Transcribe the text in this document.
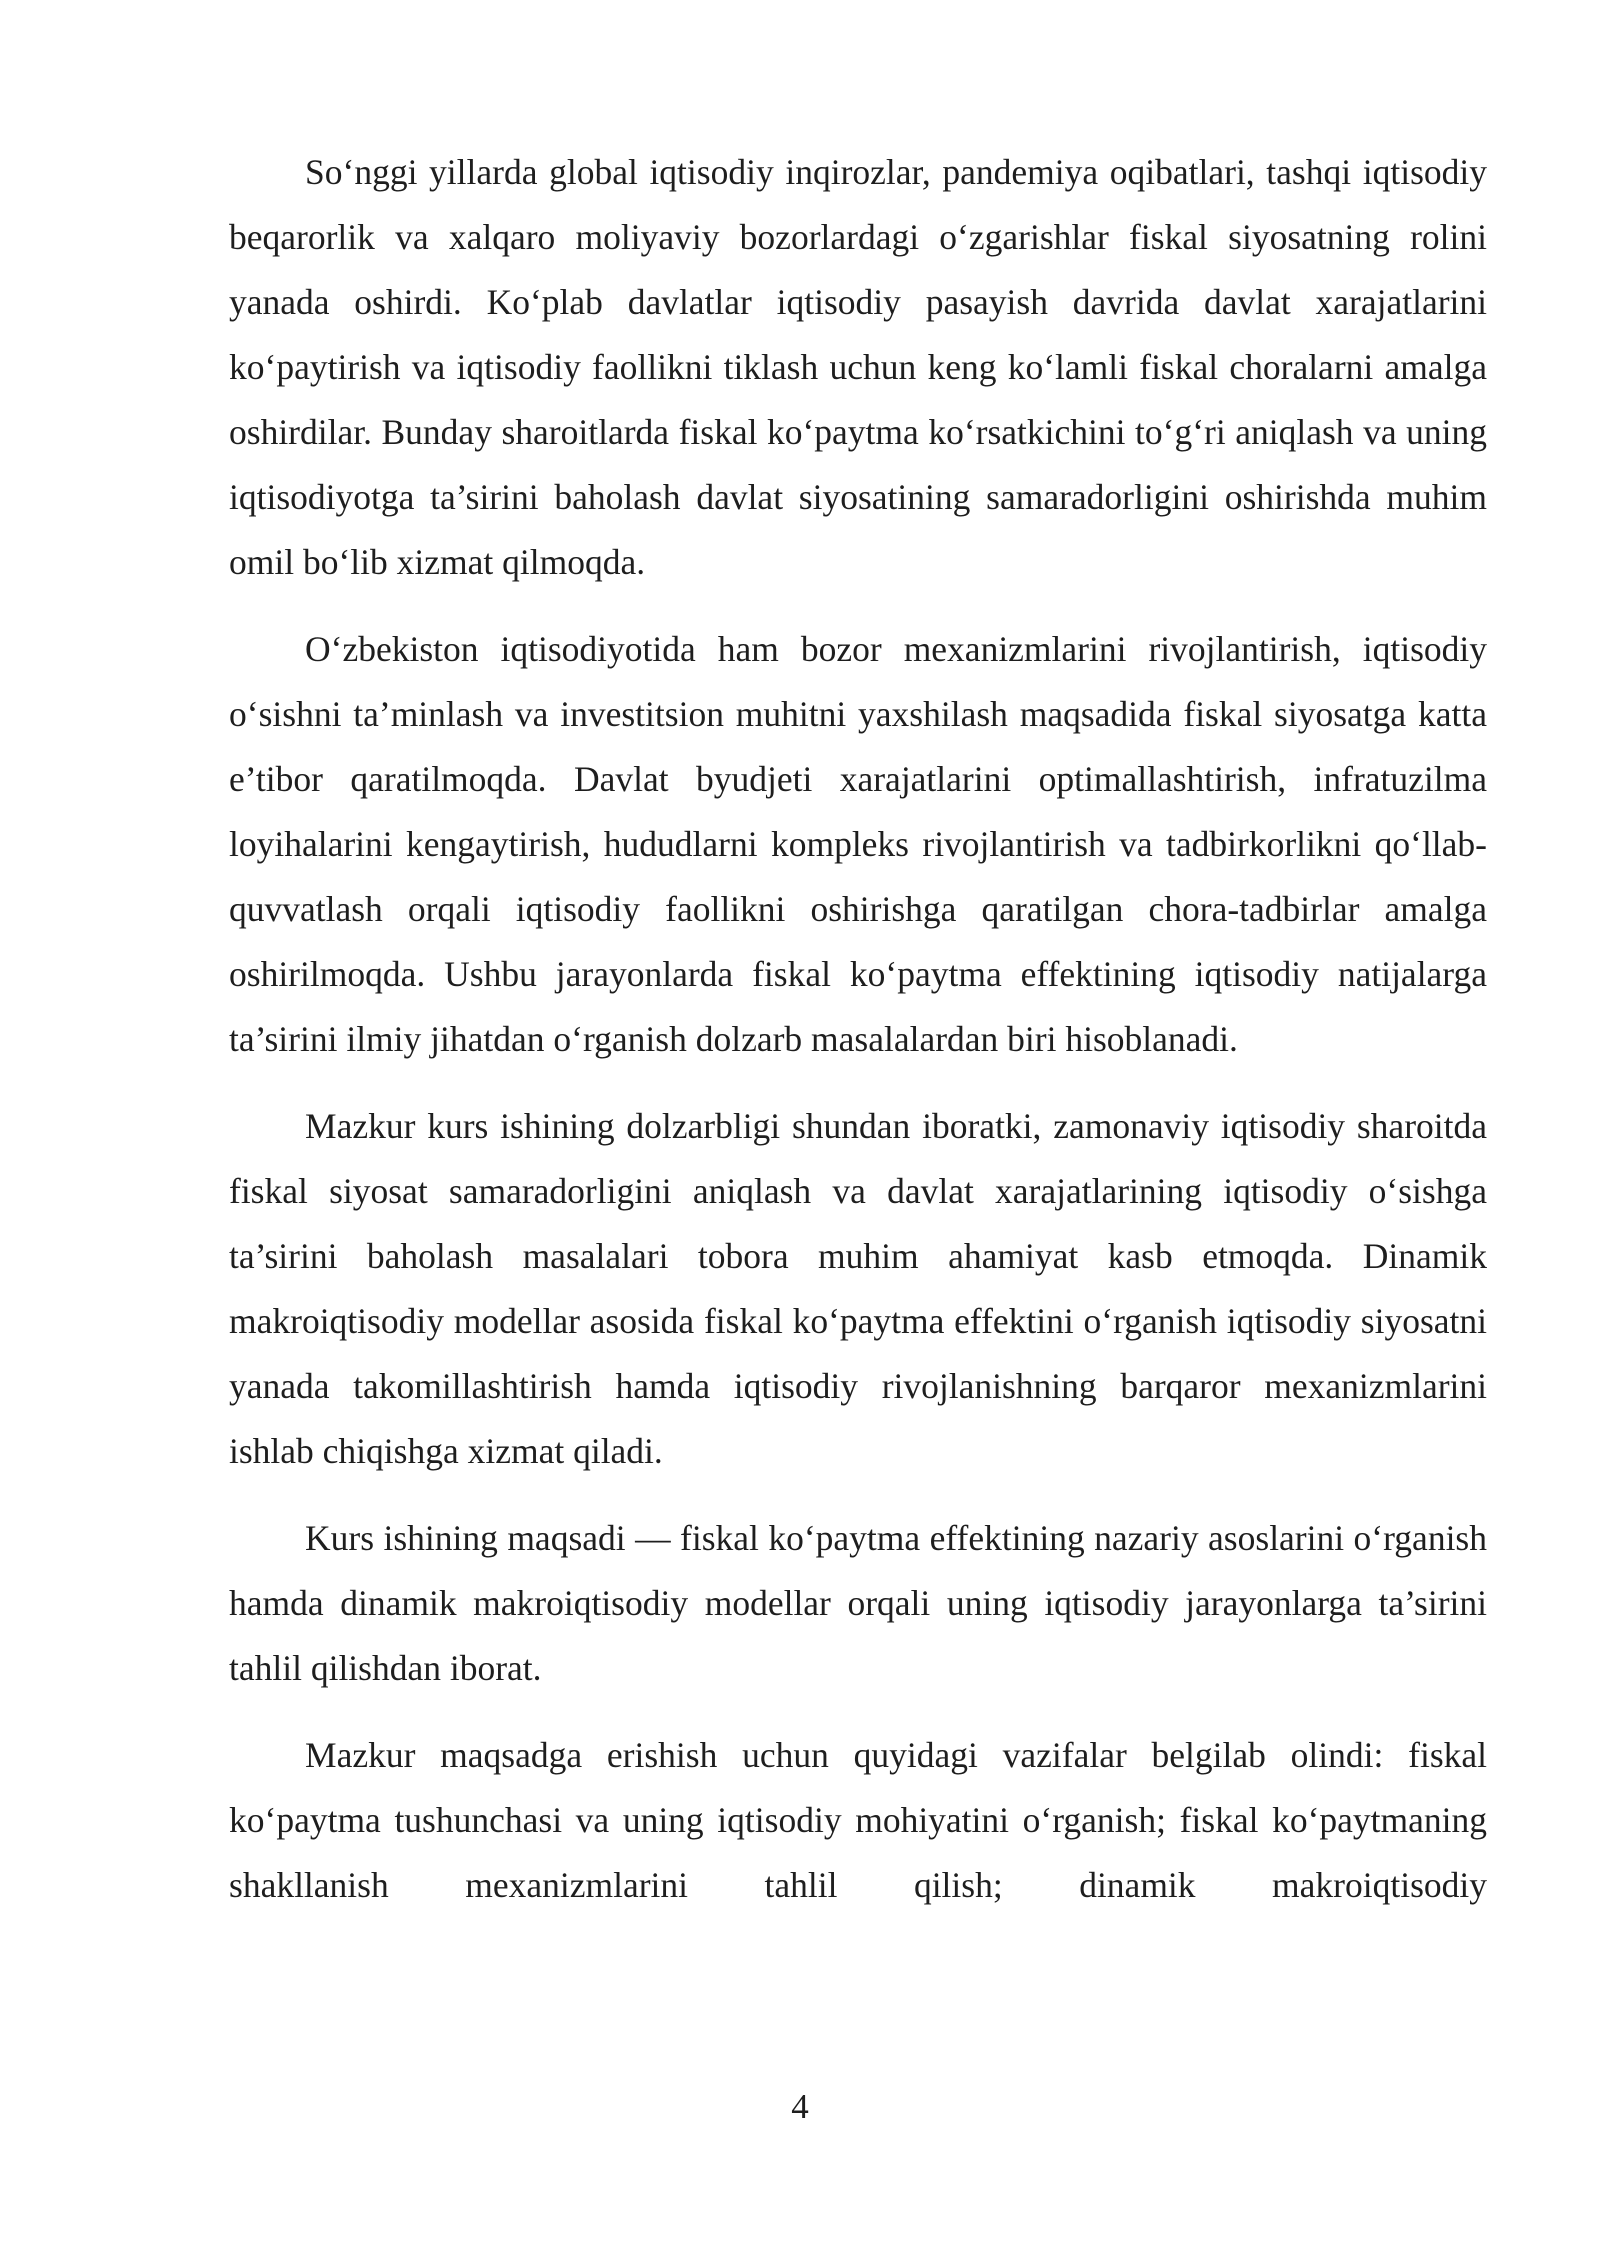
So‘nggi yillarda global iqtisodiy inqirozlar, pandemiya oqibatlari, tashqi iqtisodiy beqarorlik va xalqaro moliyaviy bozorlardagi o‘zgarishlar fiskal siyosatning rolini yanada oshirdi. Ko‘plab davlatlar iqtisodiy pasayish davrida davlat xarajatlarini ko‘paytirish va iqtisodiy faollikni tiklash uchun keng ko‘lamli fiskal choralarni amalga oshirdilar. Bunday sharoitlarda fiskal ko‘paytma ko‘rsatkichini to‘g‘ri aniqlash va uning iqtisodiyotga ta’sirini baholash davlat siyosatining samaradorligini oshirishda muhim omil bo‘lib xizmat qilmoqda.

O‘zbekiston iqtisodiyotida ham bozor mexanizmlarini rivojlantirish, iqtisodiy o‘sishni ta’minlash va investitsion muhitni yaxshilash maqsadida fiskal siyosatga katta e’tibor qaratilmoqda. Davlat byudjeti xarajatlarini optimallashtirish, infratuzilma loyihalarini kengaytirish, hududlarni kompleks rivojlantirish va tadbirkorlikni qo‘llab-quvvatlash orqali iqtisodiy faollikni oshirishga qaratilgan chora-tadbirlar amalga oshirilmoqda. Ushbu jarayonlarda fiskal ko‘paytma effektining iqtisodiy natijalarga ta’sirini ilmiy jihatdan o‘rganish dolzarb masalalardan biri hisoblanadi.

Mazkur kurs ishining dolzarbligi shundan iboratki, zamonaviy iqtisodiy sharoitda fiskal siyosat samaradorligini aniqlash va davlat xarajatlarining iqtisodiy o‘sishga ta’sirini baholash masalalari tobora muhim ahamiyat kasb etmoqda. Dinamik makroiqtisodiy modellar asosida fiskal ko‘paytma effektini o‘rganish iqtisodiy siyosatni yanada takomillashtirish hamda iqtisodiy rivojlanishning barqaror mexanizmlarini ishlab chiqishga xizmat qiladi.

Kurs ishining maqsadi — fiskal ko‘paytma effektining nazariy asoslarini o‘rganish hamda dinamik makroiqtisodiy modellar orqali uning iqtisodiy jarayonlarga ta’sirini tahlil qilishdan iborat.

Mazkur maqsadga erishish uchun quyidagi vazifalar belgilab olindi: fiskal ko‘paytma tushunchasi va uning iqtisodiy mohiyatini o‘rganish; fiskal ko‘paytmaning shakllanish mexanizmlarini tahlil qilish; dinamik makroiqtisodiy

4
